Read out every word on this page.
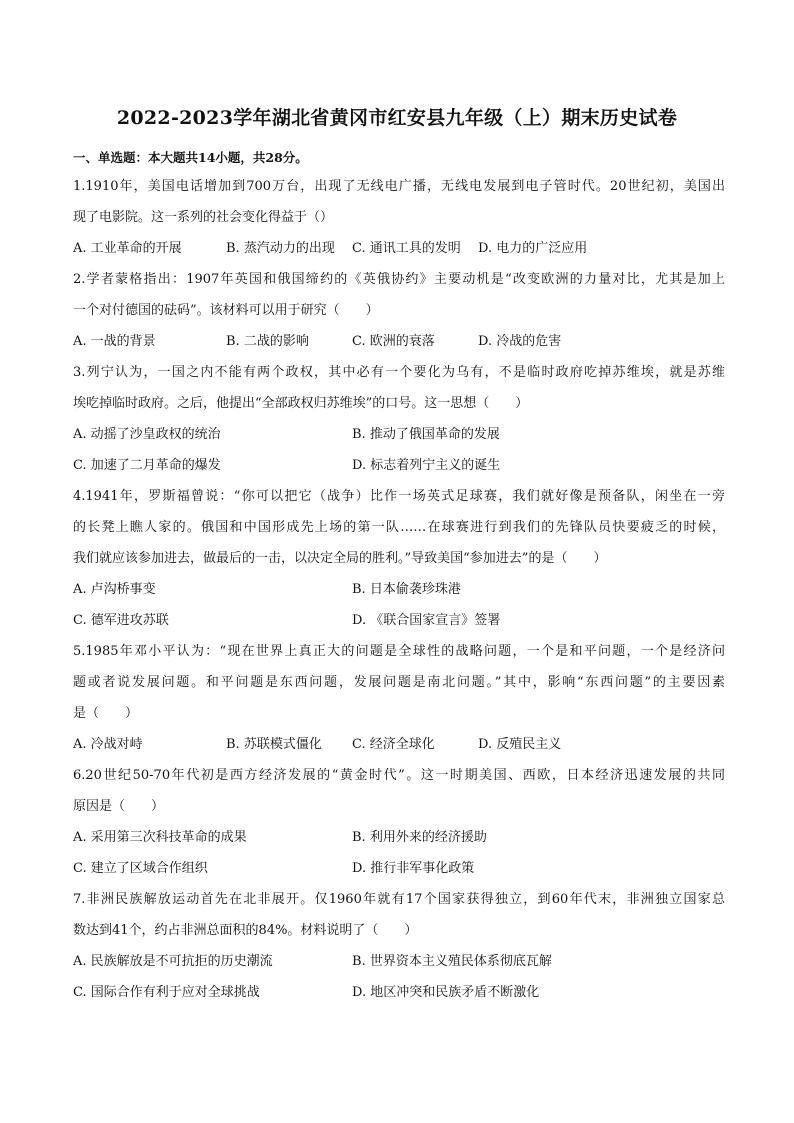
2022-2023学年湖北省黄冈市红安县九年级（上）期末历史试卷
一、单选题：本大题共14小题，共28分。
1.1910年，美国电话增加到700万台，出现了无线电广播，无线电发展到电子管时代。20世纪初，美国出
现了电影院。这一系列的社会变化得益于（）
A. 工业革命的开展	B. 蒸汽动力的出现 C. 通讯工具的发明 D. 电力的广泛应用
2.学者蒙格指出：1907年英国和俄国缔约的《英俄协约》主要动机是“改变欧洲的力量对比，尤其是加上
一个对付德国的砝码”。该材料可以用于研究（　　）
A. 一战的背景	B. 二战的影响	C. 欧洲的衰落	D. 冷战的危害
3.列宁认为，一国之内不能有两个政权，其中必有一个要化为乌有，不是临时政府吃掉苏维埃，就是苏维
埃吃掉临时政府。之后，他提出“全部政权归苏维埃”的口号。这一思想（　　）
A. 动摇了沙皇政权的统治	B. 推动了俄国革命的发展
C. 加速了二月革命的爆发	D. 标志着列宁主义的诞生
4.1941年，罗斯福曾说：“你可以把它（战争）比作一场英式足球赛，我们就好像是预备队，闲坐在一旁
的长凳上瞧人家的。俄国和中国形成先上场的第一队……在球赛进行到我们的先锋队员快要疲乏的时候，
我们就应该参加进去，做最后的一击，以决定全局的胜利。”导致美国“参加进去”的是（　　）
A. 卢沟桥事变	B. 日本偷袭珍珠港
C. 德军进攻苏联	D. 《联合国家宣言》签署
5.1985年邓小平认为：“现在世界上真正大的问题是全球性的战略问题，一个是和平问题，一个是经济问
题或者说发展问题。和平问题是东西问题，发展问题是南北问题。”其中，影响“东西问题”的主要因素
是（　　）
A. 冷战对峙	B. 苏联模式僵化 C. 经济全球化	D. 反殖民主义
6.20世纪50-70年代初是西方经济发展的“黄金时代”。这一时期美国、西欧，日本经济迅速发展的共同
原因是（　　）
A. 采用第三次科技革命的成果	B. 利用外来的经济援助
C. 建立了区域合作组织	D. 推行非军事化政策
7.非洲民族解放运动首先在北非展开。仅1960年就有17个国家获得独立，到60年代末，非洲独立国家总
数达到41个，约占非洲总面积的84%。材料说明了（　　）
A. 民族解放是不可抗拒的历史潮流	B. 世界资本主义殖民体系彻底瓦解
C. 国际合作有利于应对全球挑战	D. 地区冲突和民族矛盾不断激化
